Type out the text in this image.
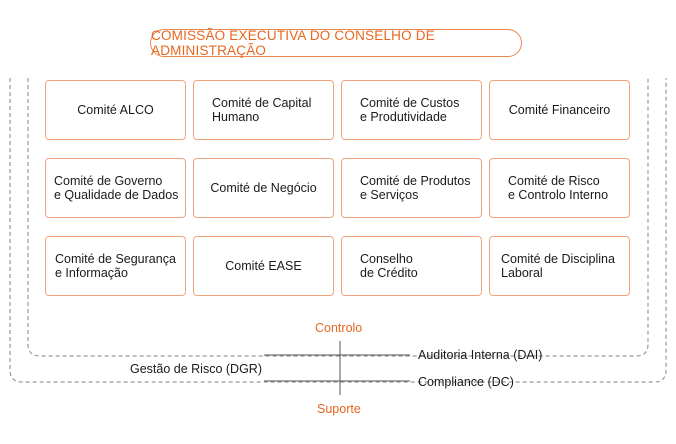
COMISSÃO EXECUTIVA DO CONSELHO DE ADMINISTRAÇÃO
Comité ALCO	Comité de Capital
Humano
Comité de Custos
e Produtividade	Comité Financeiro
Comité de Governo
e Qualidade de Dados	Comité de Negócio	Comité de Produtos
e Serviços
Comité de Risco
e Controlo Interno
Comité de Segurança
e Informação	Comité EASE	Conselho
de Crédito
Comité de Disciplina
Laboral
Controlo
Suporte
Gestão de Risco (DGR)
Auditoria Interna (DAI)
Compliance (DC)
